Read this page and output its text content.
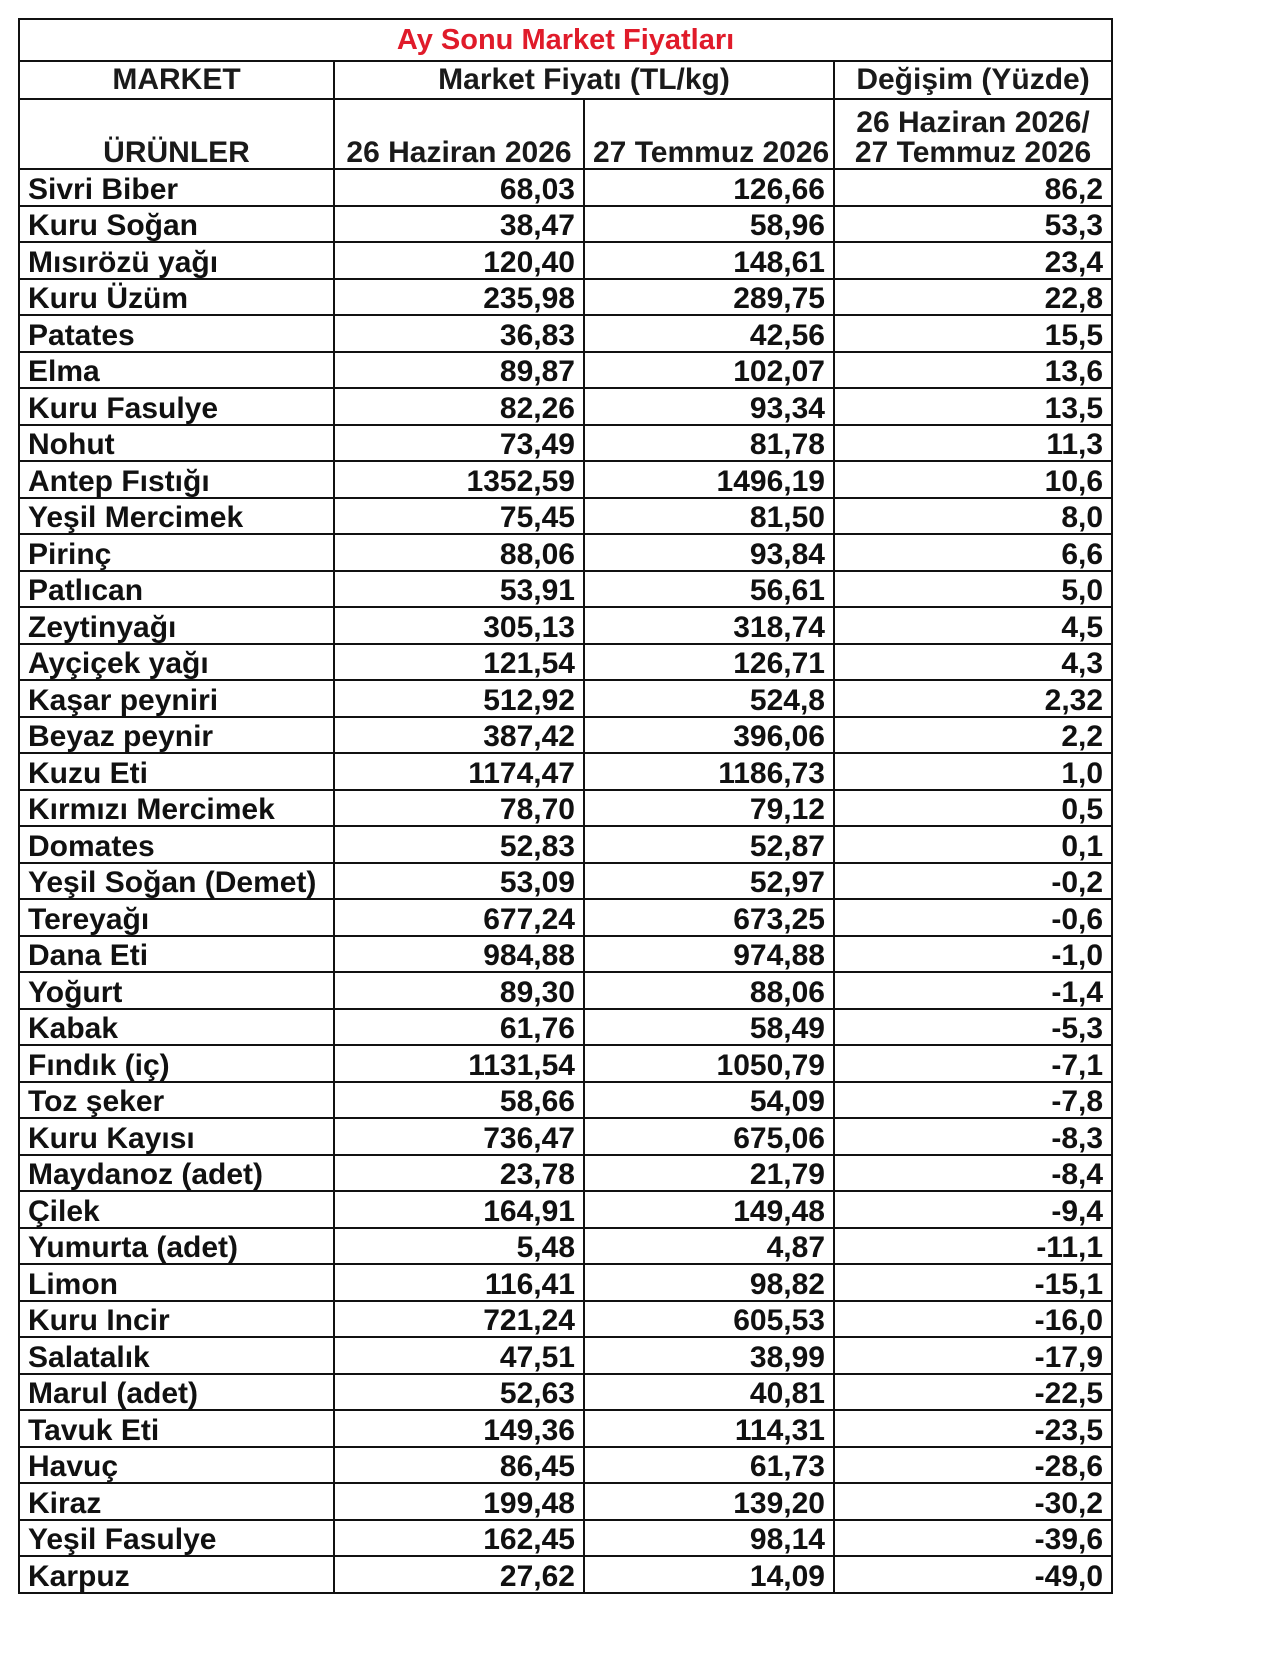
Ay Sonu Market Fiyatları			
MARKET	Market Fiyatı (TL/kg)		Değişim (Yüzde)
ÜRÜNLER	26 Haziran 2026	27 Temmuz 2026	26 Haziran 2026/
27 Temmuz 2026

Sivri Biber	68,03	126,66	86,2
Kuru Soğan	38,47	58,96	53,3
Mısırözü yağı	120,40	148,61	23,4
Kuru Üzüm	235,98	289,75	22,8
Patates	36,83	42,56	15,5
Elma	89,87	102,07	13,6
Kuru Fasulye	82,26	93,34	13,5
Nohut	73,49	81,78	11,3
Antep Fıstığı	1352,59	1496,19	10,6
Yeşil Mercimek	75,45	81,50	8,0
Pirinç	88,06	93,84	6,6
Patlıcan	53,91	56,61	5,0
Zeytinyağı	305,13	318,74	4,5
Ayçiçek yağı	121,54	126,71	4,3
Kaşar peyniri	512,92	524,8	2,32
Beyaz peynir	387,42	396,06	2,2
Kuzu Eti	1174,47	1186,73	1,0
Kırmızı Mercimek	78,70	79,12	0,5
Domates	52,83	52,87	0,1
Yeşil Soğan (Demet)	53,09	52,97	-0,2
Tereyağı	677,24	673,25	-0,6
Dana Eti	984,88	974,88	-1,0
Yoğurt	89,30	88,06	-1,4
Kabak	61,76	58,49	-5,3
Fındık (iç)	1131,54	1050,79	-7,1
Toz şeker	58,66	54,09	-7,8
Kuru Kayısı	736,47	675,06	-8,3
Maydanoz (adet)	23,78	21,79	-8,4
Çilek	164,91	149,48	-9,4
Yumurta (adet)	5,48	4,87	-11,1
Limon	116,41	98,82	-15,1
Kuru Incir	721,24	605,53	-16,0
Salatalık	47,51	38,99	-17,9
Marul (adet)	52,63	40,81	-22,5
Tavuk Eti	149,36	114,31	-23,5
Havuç	86,45	61,73	-28,6
Kiraz	199,48	139,20	-30,2
Yeşil Fasulye	162,45	98,14	-39,6
Karpuz	27,62	14,09	-49,0
